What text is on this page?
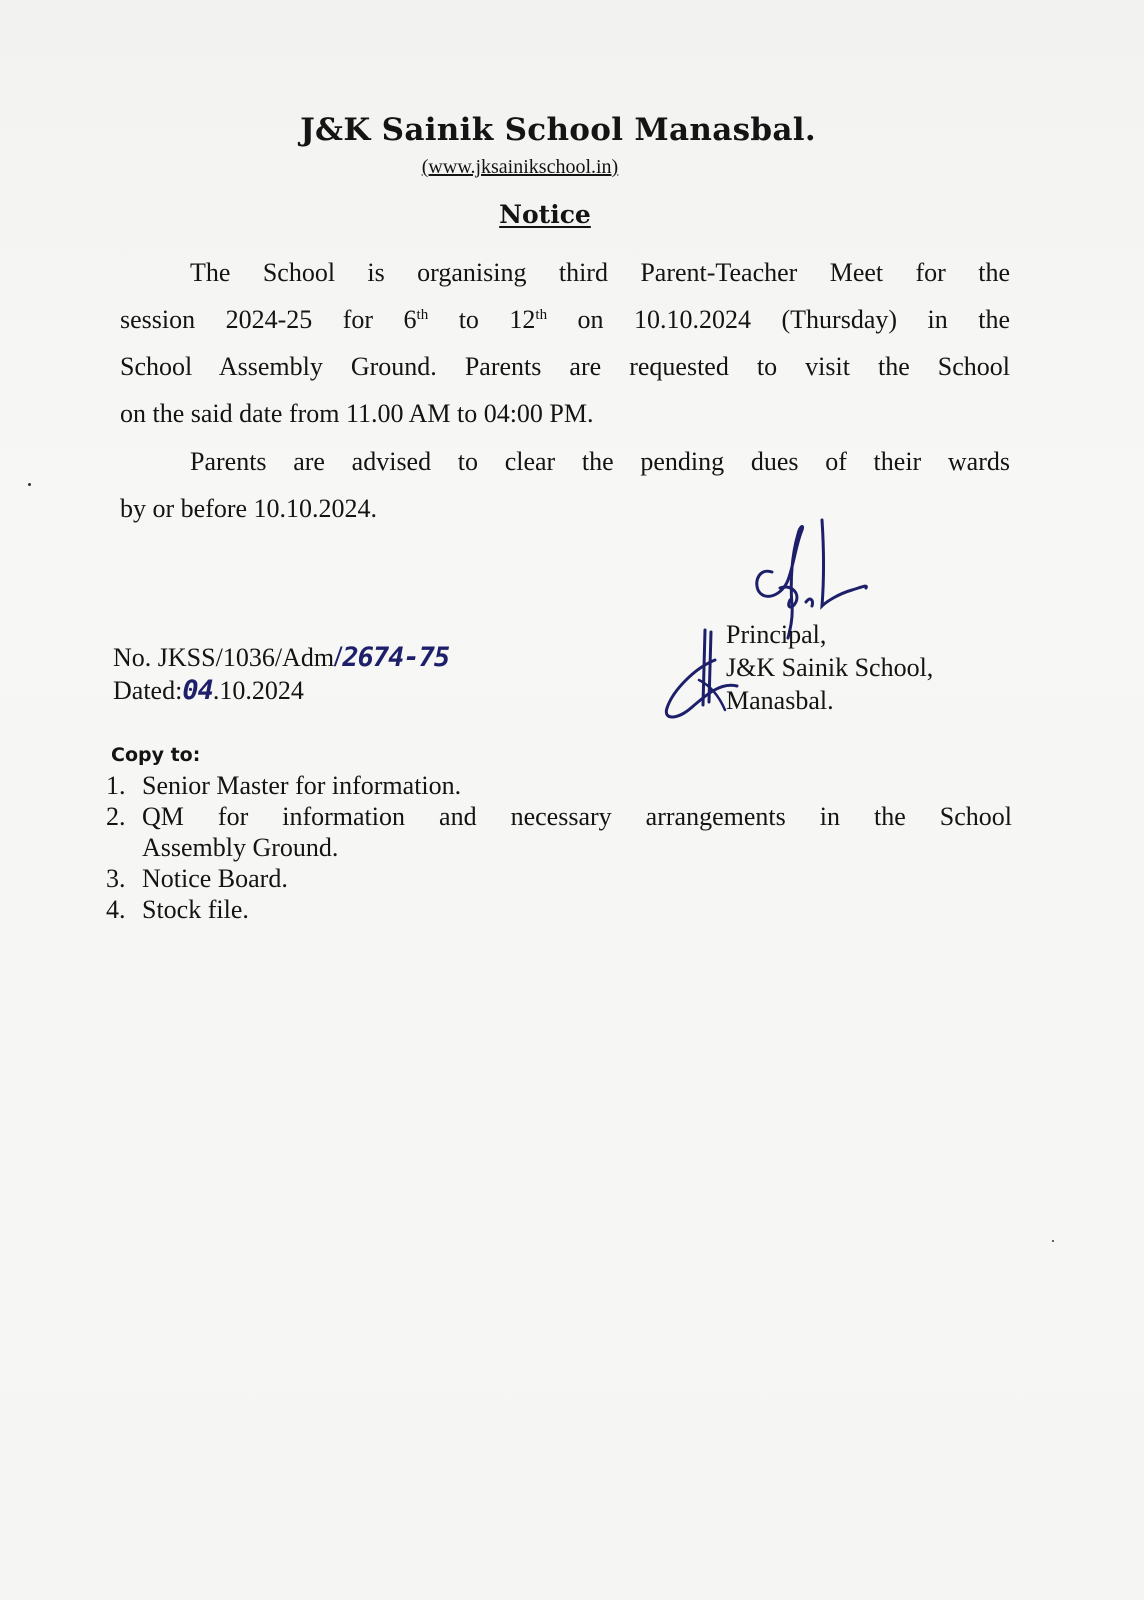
J&K Sainik School Manasbal.
(www.jksainikschool.in)
Notice
The School is organising third Parent-Teacher Meet for the
session 2024-25 for 6th to 12th on 10.10.2024 (Thursday) in the
School Assembly Ground. Parents are requested to visit the School
on the said date from 11.00 AM to 04:00 PM.
Parents are advised to clear the pending dues of their wards
by or before 10.10.2024.
No. JKSS/1036/Adm/2674-75
Dated:04.10.2024
Principal,
J&K Sainik School,
Manasbal.
Copy to:
1. Senior Master for information.
2. QM for information and necessary arrangements in the School
Assembly Ground.
3. Notice Board.
4. Stock file.
